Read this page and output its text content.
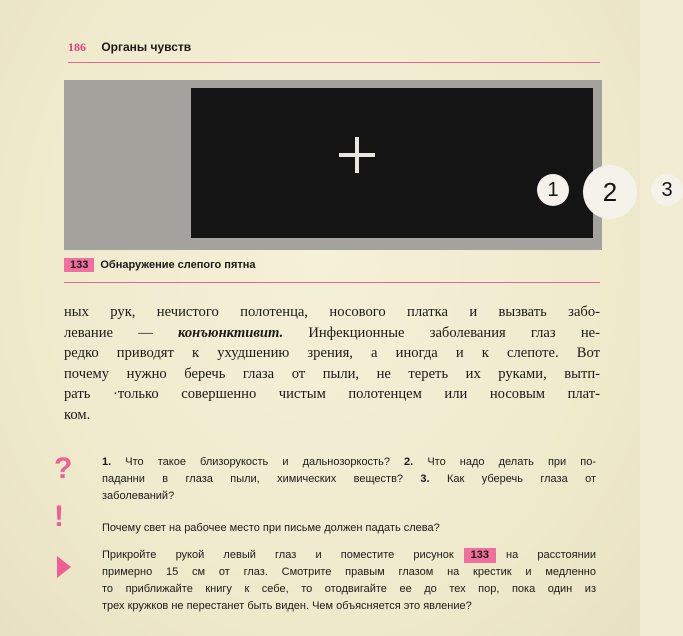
186 Органы чувств
1	2	3
133	Обнаружение слепого пятна
ных рук, нечистого полотенца, носового платка и вызвать забо-
левание — конъюнктивит. Инфекционные заболевания глаз не-
редко приводят к ухудшению зрения, а иногда и к слепоте. Вот
почему нужно беречь глаза от пыли, не тереть их руками, вытп-
рать ·только совершенно чистым полотенцем или носовым плат-
ком.
?	1. Что такое близорукость и дальнозоркость? 2. Что надо делать при по-
паданни в глаза пыли, химических веществ? 3. Как уберечь глаза от
заболеваний?
!	Почему свет на рабочее место при письме должен падать слева?
Прикройте рукой левый глаз и поместите рисунок 133 на расстоянии
примерно 15 см от глаз. Смотрите правым глазом на крестик и медленно
то приближайте книгу к себе, то отодвигайте ее до тех пор, пока один из
трех кружков не перестанет быть виден. Чем объясняется это явление?
